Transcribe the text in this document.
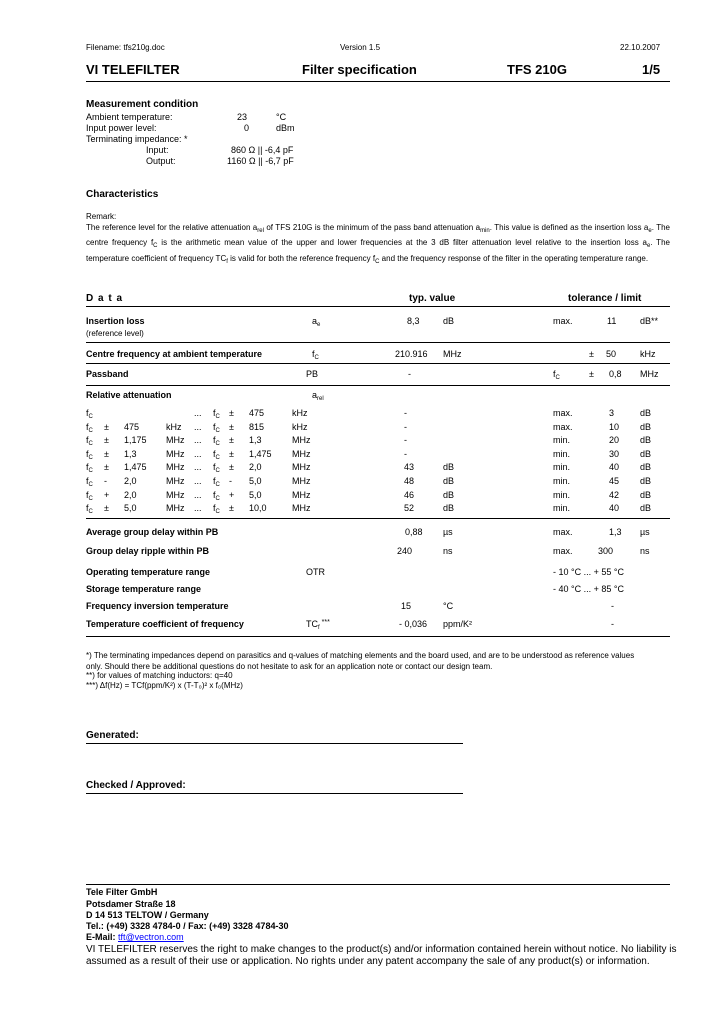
Filename: tfs210g.doc	Version 1.5	22.10.2007
VI TELEFILTER	Filter specification	TFS 210G	1/5
Measurement condition
Ambient temperature:	23	°C
Input power level:	0	dBm
Terminating impedance: *
Input:	860 Ω || -6,4 pF
Output:	1160 Ω || -6,7 pF
Characteristics
Remark:
The reference level for the relative attenuation $a_{rel}$ of TFS 210G is the minimum of the pass band attenuation $a_{min}$. This value is defined as the insertion loss $a_e$. The centre frequency $f_C$ is the arithmetic mean value of the upper and lower frequencies at the 3 dB filter attenuation level relative to the insertion loss $a_e$. The temperature coefficient of frequency $TC_f$ is valid for both the reference frequency $f_C$ and the frequency response of the filter in the operating temperature range.
D a t a	typ. value	tolerance / limit
Insertion loss
(reference level)
$a_e$	8,3	dB	max.	11	dB**
Centre frequency at ambient temperature	$f_C$	210.916 MHz	± 50	kHz
Passband	PB	-	$f_C$	± 0,8 MHz
Relative attenuation	$a_{rel}$
$f_C$	... $f_C \pm 475$	kHz	-	max.	3	dB
$f_C \pm 475$	kHz ... $f_C \pm 815$	kHz	-	max.	10 dB
$f_C \pm 1,175$ MHz ... $f_C \pm 1,3$	MHz	-	min.	20 dB
$f_C \pm 1,3$	MHz ... $f_C \pm 1,475$ MHz	-	min.	30 dB
$f_C \pm 1,475$ MHz ... $f_C \pm 2,0$	MHz	43	dB	min.	40 dB
$f_C - 2,0$	MHz ... $f_C - 5,0$	MHz	48	dB	min.	45 dB
$f_C + 2,0$	MHz ... $f_C + 5,0$	MHz	46	dB	min.	42 dB
$f_C \pm 5,0$	MHz ... $f_C \pm 10,0$	MHz	52	dB	min.	40 dB
Average group delay within PB	0,88 µs	max.	1,3 µs
Group delay ripple within PB	240	ns	max.	300	ns
Operating temperature range	OTR	- 10 °C ... + 55 °C
Storage temperature range	- 40 °C ... + 85 °C
Frequency inversion temperature	15	°C	-
Temperature coefficient of frequency	$TC_f$ ***	- 0,036 ppm/K²	-
*) The terminating impedances depend on parasitics and q-values of matching elements and the board used, and are to be understood as reference values
only. Should there be additional questions do not hesitate to ask for an application note or contact our design team.
**) for values of matching inductors: q=40
***) Δf(Hz) = TCf(ppm/K²) x (T-T₀)² x f₀(MHz)
Generated:
Checked / Approved:
Tele Filter GmbH
Potsdamer Straße 18
D 14 513 TELTOW / Germany
Tel.: (+49) 3328 4784-0 / Fax: (+49) 3328 4784-30
E-Mail: tft@vectron.com
VI TELEFILTER reserves the right to make changes to the product(s) and/or information contained herein without notice. No liability is
assumed as a result of their use or application. No rights under any patent accompany the sale of any product(s) or information.
